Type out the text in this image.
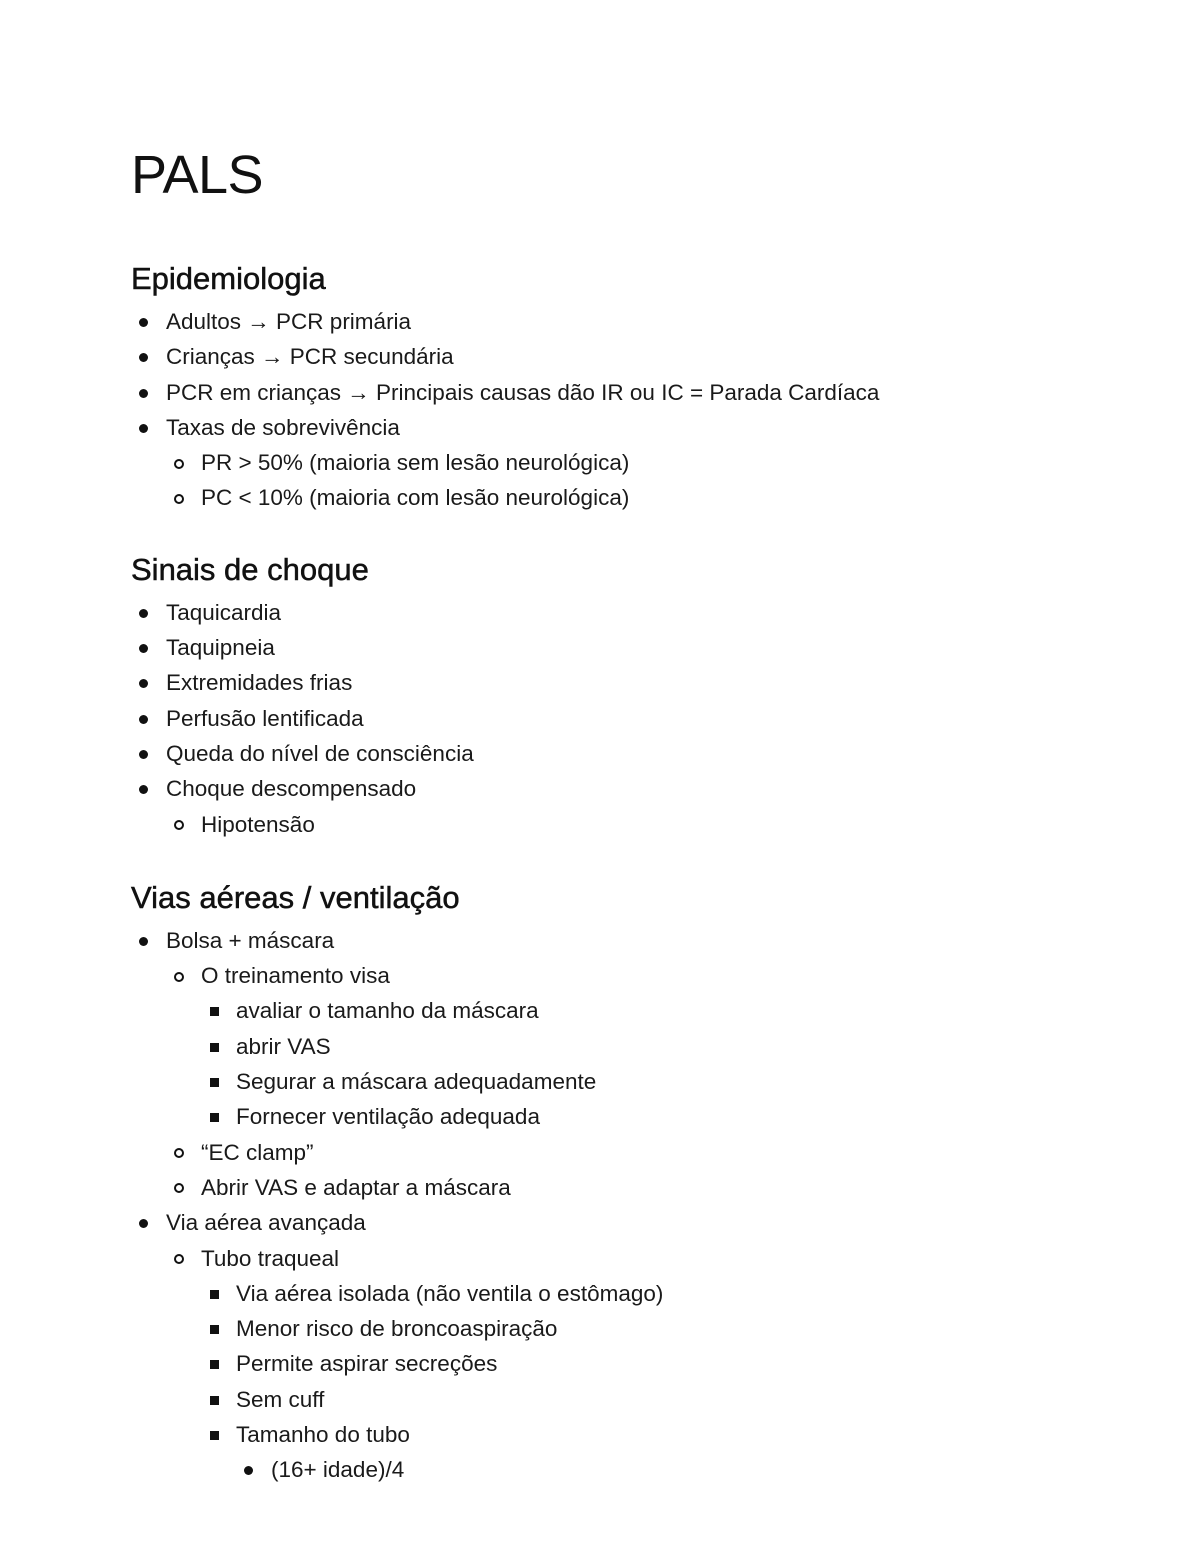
PALS
Epidemiologia
Adultos → PCR primária
Crianças → PCR secundária
PCR em crianças → Principais causas dão IR ou IC = Parada Cardíaca
Taxas de sobrevivência
PR > 50% (maioria sem lesão neurológica)
PC < 10% (maioria com lesão neurológica)
Sinais de choque
Taquicardia
Taquipneia
Extremidades frias
Perfusão lentificada
Queda do nível de consciência
Choque descompensado
Hipotensão
Vias aéreas / ventilação
Bolsa + máscara
O treinamento visa
avaliar o tamanho da máscara
abrir VAS
Segurar a máscara adequadamente
Fornecer ventilação adequada
“EC clamp”
Abrir VAS e adaptar a máscara
Via aérea avançada
Tubo traqueal
Via aérea isolada (não ventila o estômago)
Menor risco de broncoaspiração
Permite aspirar secreções
Sem cuff
Tamanho do tubo
(16+ idade)/4
